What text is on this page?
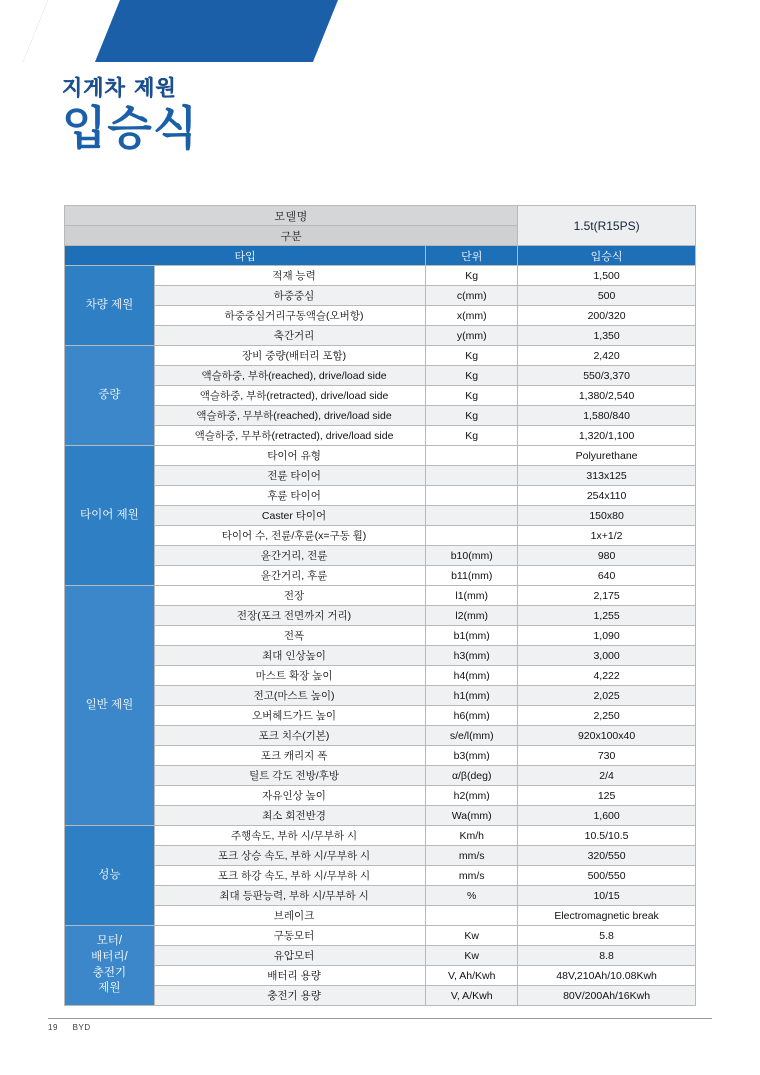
지게차 제원
입승식
모델명			1.5t(R15PS)
구분			
타입		단위	입승식
차량 제원	적재 능력	Kg	1,500
	하중중심	c(mm)	500
	하중중심거리구동액슬(오버항)	x(mm)	200/320
	축간거리	y(mm)	1,350
중량	장비 중량(배터리 포함)	Kg	2,420
	액슬하중, 부하(reached), drive/load side	Kg	550/3,370
	액슬하중, 부하(retracted), drive/load side	Kg	1,380/2,540
	액슬하중, 무부하(reached), drive/load side	Kg	1,580/840
	액슬하중, 무부하(retracted), drive/load side	Kg	1,320/1,100
타이어 제원	타이어 유형		Polyurethane
	전륜 타이어		313x125
	후륜 타이어		254x110
	Caster 타이어		150x80
	타이어 수, 전륜/후륜(x=구동 휠)		1x+1/2
	윤간거리, 전륜	b10(mm)	980
	윤간거리, 후륜	b11(mm)	640
일반 제원	전장	l1(mm)	2,175
	전장(포크 전면까지 거리)	l2(mm)	1,255
	전폭	b1(mm)	1,090
	최대 인상높이	h3(mm)	3,000
	마스트 확장 높이	h4(mm)	4,222
	전고(마스트 높이)	h1(mm)	2,025
	오버헤드가드 높이	h6(mm)	2,250
	포크 치수(기본)	s/e/l(mm)	920x100x40
	포크 캐리지 폭	b3(mm)	730
	틸트 각도 전방/후방	α/β(deg)	2/4
	자유인상 높이	h2(mm)	125
	최소 회전반경	Wa(mm)	1,600
성능	주행속도, 부하 시/무부하 시	Km/h	10.5/10.5
	포크 상승 속도, 부하 시/무부하 시	mm/s	320/550
	포크 하강 속도, 부하 시/무부하 시	mm/s	500/550
	최대 등판능력, 부하 시/무부하 시	%	10/15
	브레이크		Electromagnetic break
모터/
배터리/
충전기
제원	구동모터	Kw	5.8
	유압모터	Kw	8.8
	배터리 용량	V, Ah/Kwh	48V,210Ah/10.08Kwh
	충전기 용량	V, A/Kwh	80V/200Ah/16Kwh
19 BYD
